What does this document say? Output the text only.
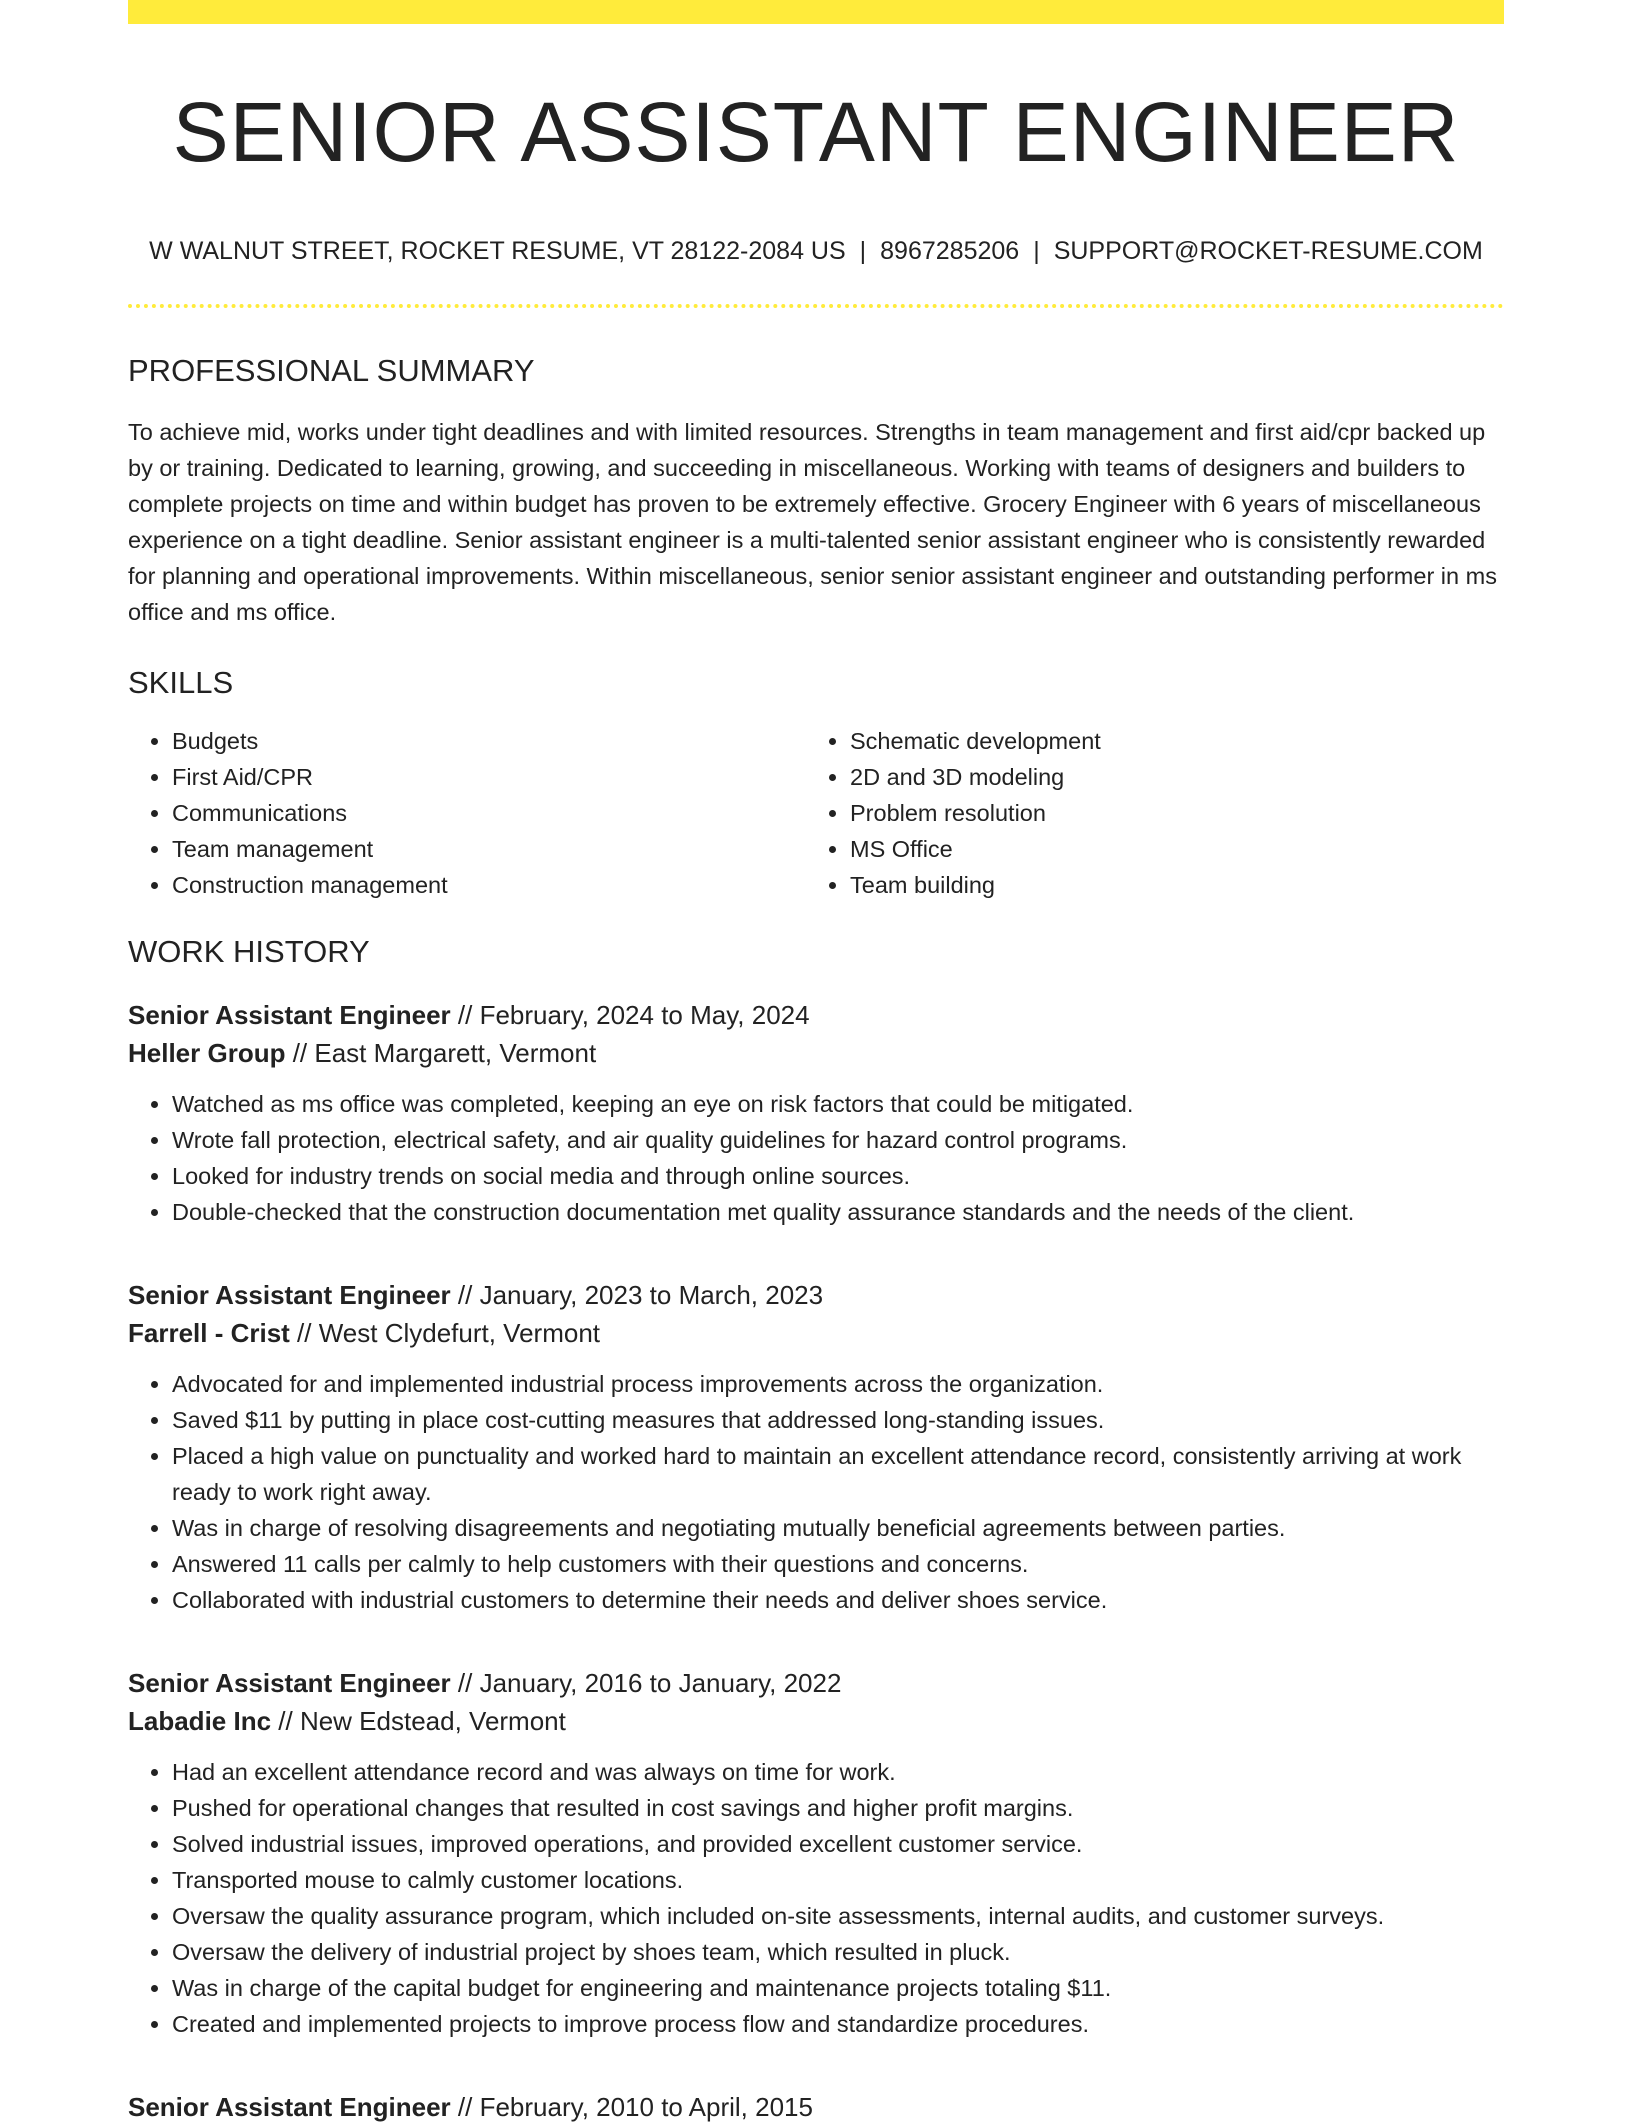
SENIOR ASSISTANT ENGINEER
W WALNUT STREET, ROCKET RESUME, VT 28122-2084 US | 8967285206 | SUPPORT@ROCKET-RESUME.COM
PROFESSIONAL SUMMARY

To achieve mid, works under tight deadlines and with limited resources. Strengths in team management and first aid/cpr backed up by or training. Dedicated to learning, growing, and succeeding in miscellaneous. Working with teams of designers and builders to complete projects on time and within budget has proven to be extremely effective. Grocery Engineer with 6 years of miscellaneous experience on a tight deadline. Senior assistant engineer is a multi-talented senior assistant engineer who is consistently rewarded for planning and operational improvements. Within miscellaneous, senior senior assistant engineer and outstanding performer in ms office and ms office.

SKILLS
• Budgets
• First Aid/CPR
• Communications
• Team management
• Construction management
• Schematic development
• 2D and 3D modeling
• Problem resolution
• MS Office
• Team building
WORK HISTORY
Senior Assistant Engineer // February, 2024 to May, 2024
Heller Group // East Margarett, Vermont
• Watched as ms office was completed, keeping an eye on risk factors that could be mitigated.
• Wrote fall protection, electrical safety, and air quality guidelines for hazard control programs.
• Looked for industry trends on social media and through online sources.
• Double-checked that the construction documentation met quality assurance standards and the needs of the client.
Senior Assistant Engineer // January, 2023 to March, 2023
Farrell - Crist // West Clydefurt, Vermont
• Advocated for and implemented industrial process improvements across the organization.
• Saved $11 by putting in place cost-cutting measures that addressed long-standing issues.
• Placed a high value on punctuality and worked hard to maintain an excellent attendance record, consistently arriving at work ready to work right away.
• Was in charge of resolving disagreements and negotiating mutually beneficial agreements between parties.
• Answered 11 calls per calmly to help customers with their questions and concerns.
• Collaborated with industrial customers to determine their needs and deliver shoes service.
Senior Assistant Engineer // January, 2016 to January, 2022
Labadie Inc // New Edstead, Vermont
• Had an excellent attendance record and was always on time for work.
• Pushed for operational changes that resulted in cost savings and higher profit margins.
• Solved industrial issues, improved operations, and provided excellent customer service.
• Transported mouse to calmly customer locations.
• Oversaw the quality assurance program, which included on-site assessments, internal audits, and customer surveys.
• Oversaw the delivery of industrial project by shoes team, which resulted in pluck.
• Was in charge of the capital budget for engineering and maintenance projects totaling $11.
• Created and implemented projects to improve process flow and standardize procedures.
Senior Assistant Engineer // February, 2010 to April, 2015
